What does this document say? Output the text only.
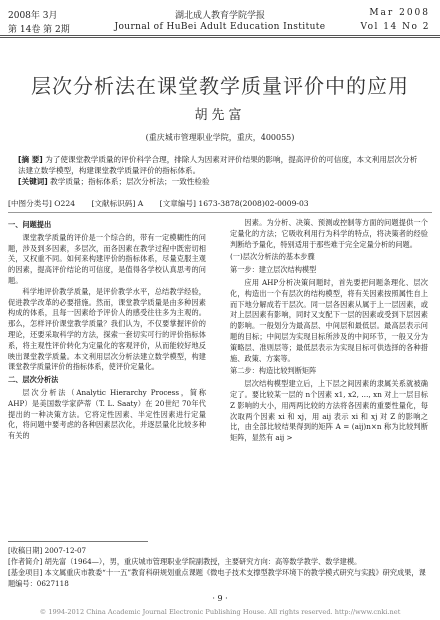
2008年 3月
第 14卷 第 2期
湖北成人教育学院学报
Journal of HuBei Adult Education Institute
Mar 2008
Vol 14 No 2
层次分析法在课堂教学质量评价中的应用
胡先富
(重庆城市管理职业学院，重庆，400055)
[摘 要] 为了使课堂教学质量的评价科学合理，排除人为因素对评价结果的影响，提高评价的可信度，本文利用层次分析法建立数学模型，构建课堂教学质量评价的指标体系。
[关键词] 教学质量；指标体系；层次分析法；一致性检验
[中图分类号] O224 [文献标识码] A [文章编号] 1673-3878(2008)02-0009-03
一、问题提出

课堂教学质量的评价是一个综合的，带有一定模糊性的问题，涉及到多因素，多层次，而各因素在教学过程中既密切相关，又权重不同。如何来构建评价的指标体系，尽量克服主观的因素，提高评价结论的可信度，是值得各学校认真思考的问题。

科学地评价教学质量，是评价教学水平，总结教学经验，促进教学改革的必要措施。然而，课堂教学质量是由多种因素构成的体系，且每一因素给予评价人的感受往往多为主观的。那么，怎样评价课堂教学质量？我们认为，不仅要掌握评价的理论，还要采取科学的方法，探索一套切实可行的评价指标体系，将主观性评价转化为定量化的客观评价，从而能较好地反映出课堂教学质量。本文利用层次分析法建立数学模型，构建课堂教学质量评价的指标体系，使评价定量化。

二、层次分析法

层次分析法（Analytic Hierarchy Process，简称 AHP）是美国数学家萨蒂（T. L. Saaty）在 20世纪 70年代提出的一种决策方法。它将定性因素、半定性因素进行定量化，将问题中要考虑的各种因素层次化，并逐层量化比较多种有关的

因素。为分析、决策、预测或控制等方面的问题提供一个定量化的方法；它吸收利用行为科学的特点，将决策者的经验判断给予量化，特别适用于那些难于完全定量分析的问题。

(一)层次分析法的基本步骤
第一步：建立层次结构模型

应用 AHP分析决策问题时，首先要把问题条理化、层次化，构造出一个有层次的结构模型，将有关因素按照属性自上而下地分解成若干层次。同一层各因素从属于上一层因素，或对上层因素有影响，同时又支配下一层的因素或受到下层因素的影响。一般划分为最高层、中间层和最低层。最高层表示问题的目标；中间层为实现目标所涉及的中间环节，一般又分为策略层、准则层等；最低层表示为实现目标可供选择的各种措施、政策、方案等。

第二步：构造比较判断矩阵

层次结构模型建立后，上下层之间因素的隶属关系就被确定了。要比较某一层的 n个因素 x1, x2, …, xn 对上一层目标 Z 影响的大小，用两两比较的方法将各因素的重要性量化，每次取两个因素 xi 和 xj，用 aij 表示 xi 和 xj 对 Z 的影响之比，由全部比较结果得到的矩阵 A = (aij)n×n 称为比较判断矩阵，显然有 aij >

[收稿日期] 2007-12-07
[作者简介] 胡先富（1964—），男，重庆城市管理职业学院副教授，主要研究方向：高等数学教学、数学建模。
[基金项目] 本文属重庆市教委“十一五”教育科研规划重点课题《微电子技术支撑型教学环境下的教学模式研究与实践》研究成果，课题编号：0627118
· 9 ·
© 1994-2012 China Academic Journal Electronic Publishing House. All rights reserved. http://www.cnki.net
